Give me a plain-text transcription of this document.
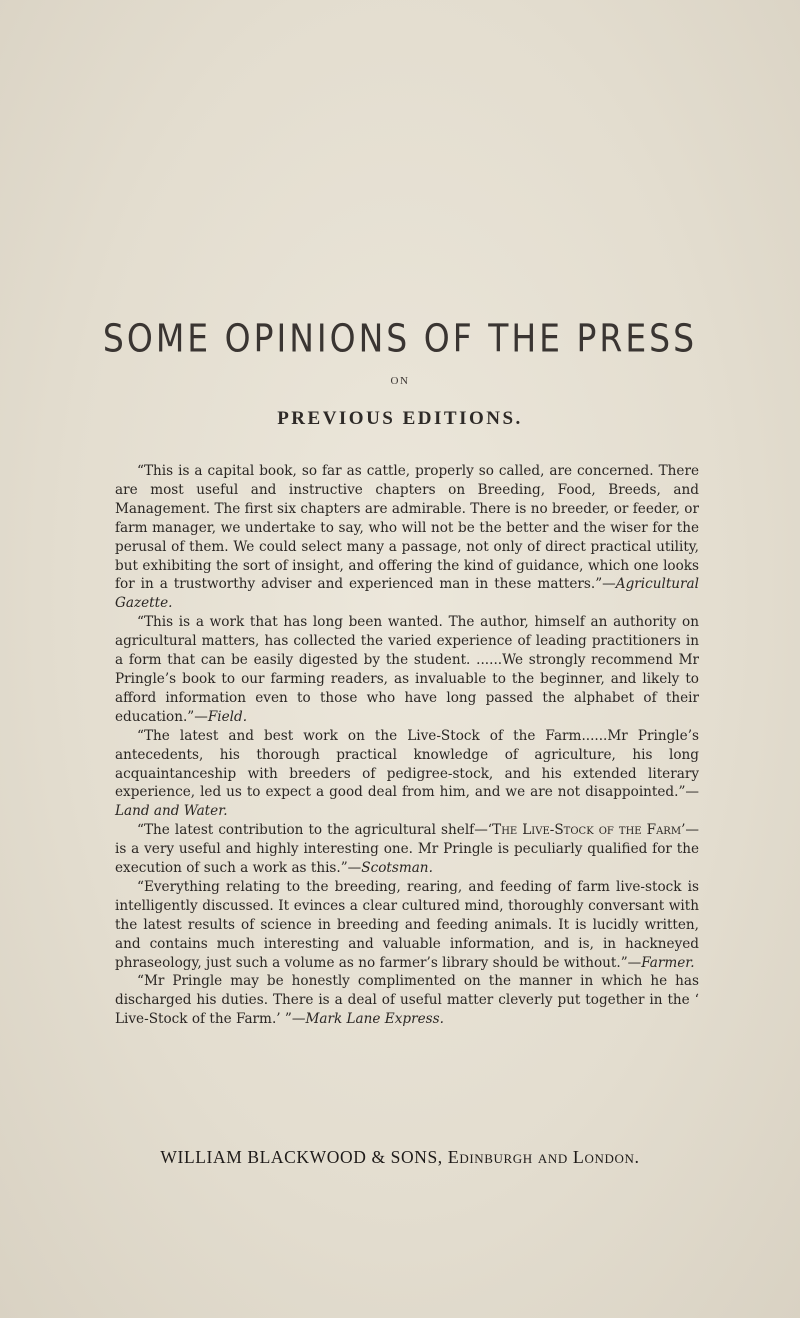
SOME OPINIONS OF THE PRESS
ON
PREVIOUS EDITIONS.

“This is a capital book, so far as cattle, properly so called, are concerned. There are most useful and instructive chapters on Breeding, Food, Breeds, and Management. The first six chapters are admirable. There is no breeder, or feeder, or farm manager, we undertake to say, who will not be the better and the wiser for the perusal of them. We could select many a passage, not only of direct practical utility, but exhibiting the sort of insight, and offering the kind of guidance, which one looks for in a trustworthy adviser and experienced man in these matters.”—Agricultural Gazette.

“This is a work that has long been wanted. The author, himself an authority on agricultural matters, has collected the varied experience of leading practitioners in a form that can be easily digested by the student. ......We strongly recommend Mr Pringle’s book to our farming readers, as invaluable to the beginner, and likely to afford information even to those who have long passed the alphabet of their education.”—Field.

“The latest and best work on the Live-Stock of the Farm......Mr Pringle’s antecedents, his thorough practical knowledge of agriculture, his long acquaintanceship with breeders of pedigree-stock, and his extended literary experience, led us to expect a good deal from him, and we are not disappointed.”—Land and Water.

“The latest contribution to the agricultural shelf—‘The Live-Stock of the Farm’—is a very useful and highly interesting one. Mr Pringle is peculiarly qualified for the execution of such a work as this.”—Scotsman.

“Everything relating to the breeding, rearing, and feeding of farm live-stock is intelligently discussed. It evinces a clear cultured mind, thoroughly conversant with the latest results of science in breeding and feeding animals. It is lucidly written, and contains much interesting and valuable information, and is, in hackneyed phraseology, just such a volume as no farmer’s library should be without.”—Farmer.

“Mr Pringle may be honestly complimented on the manner in which he has discharged his duties. There is a deal of useful matter cleverly put together in the ‘ Live-Stock of the Farm.’ ”—Mark Lane Express.

WILLIAM BLACKWOOD & SONS, Edinburgh and London.
